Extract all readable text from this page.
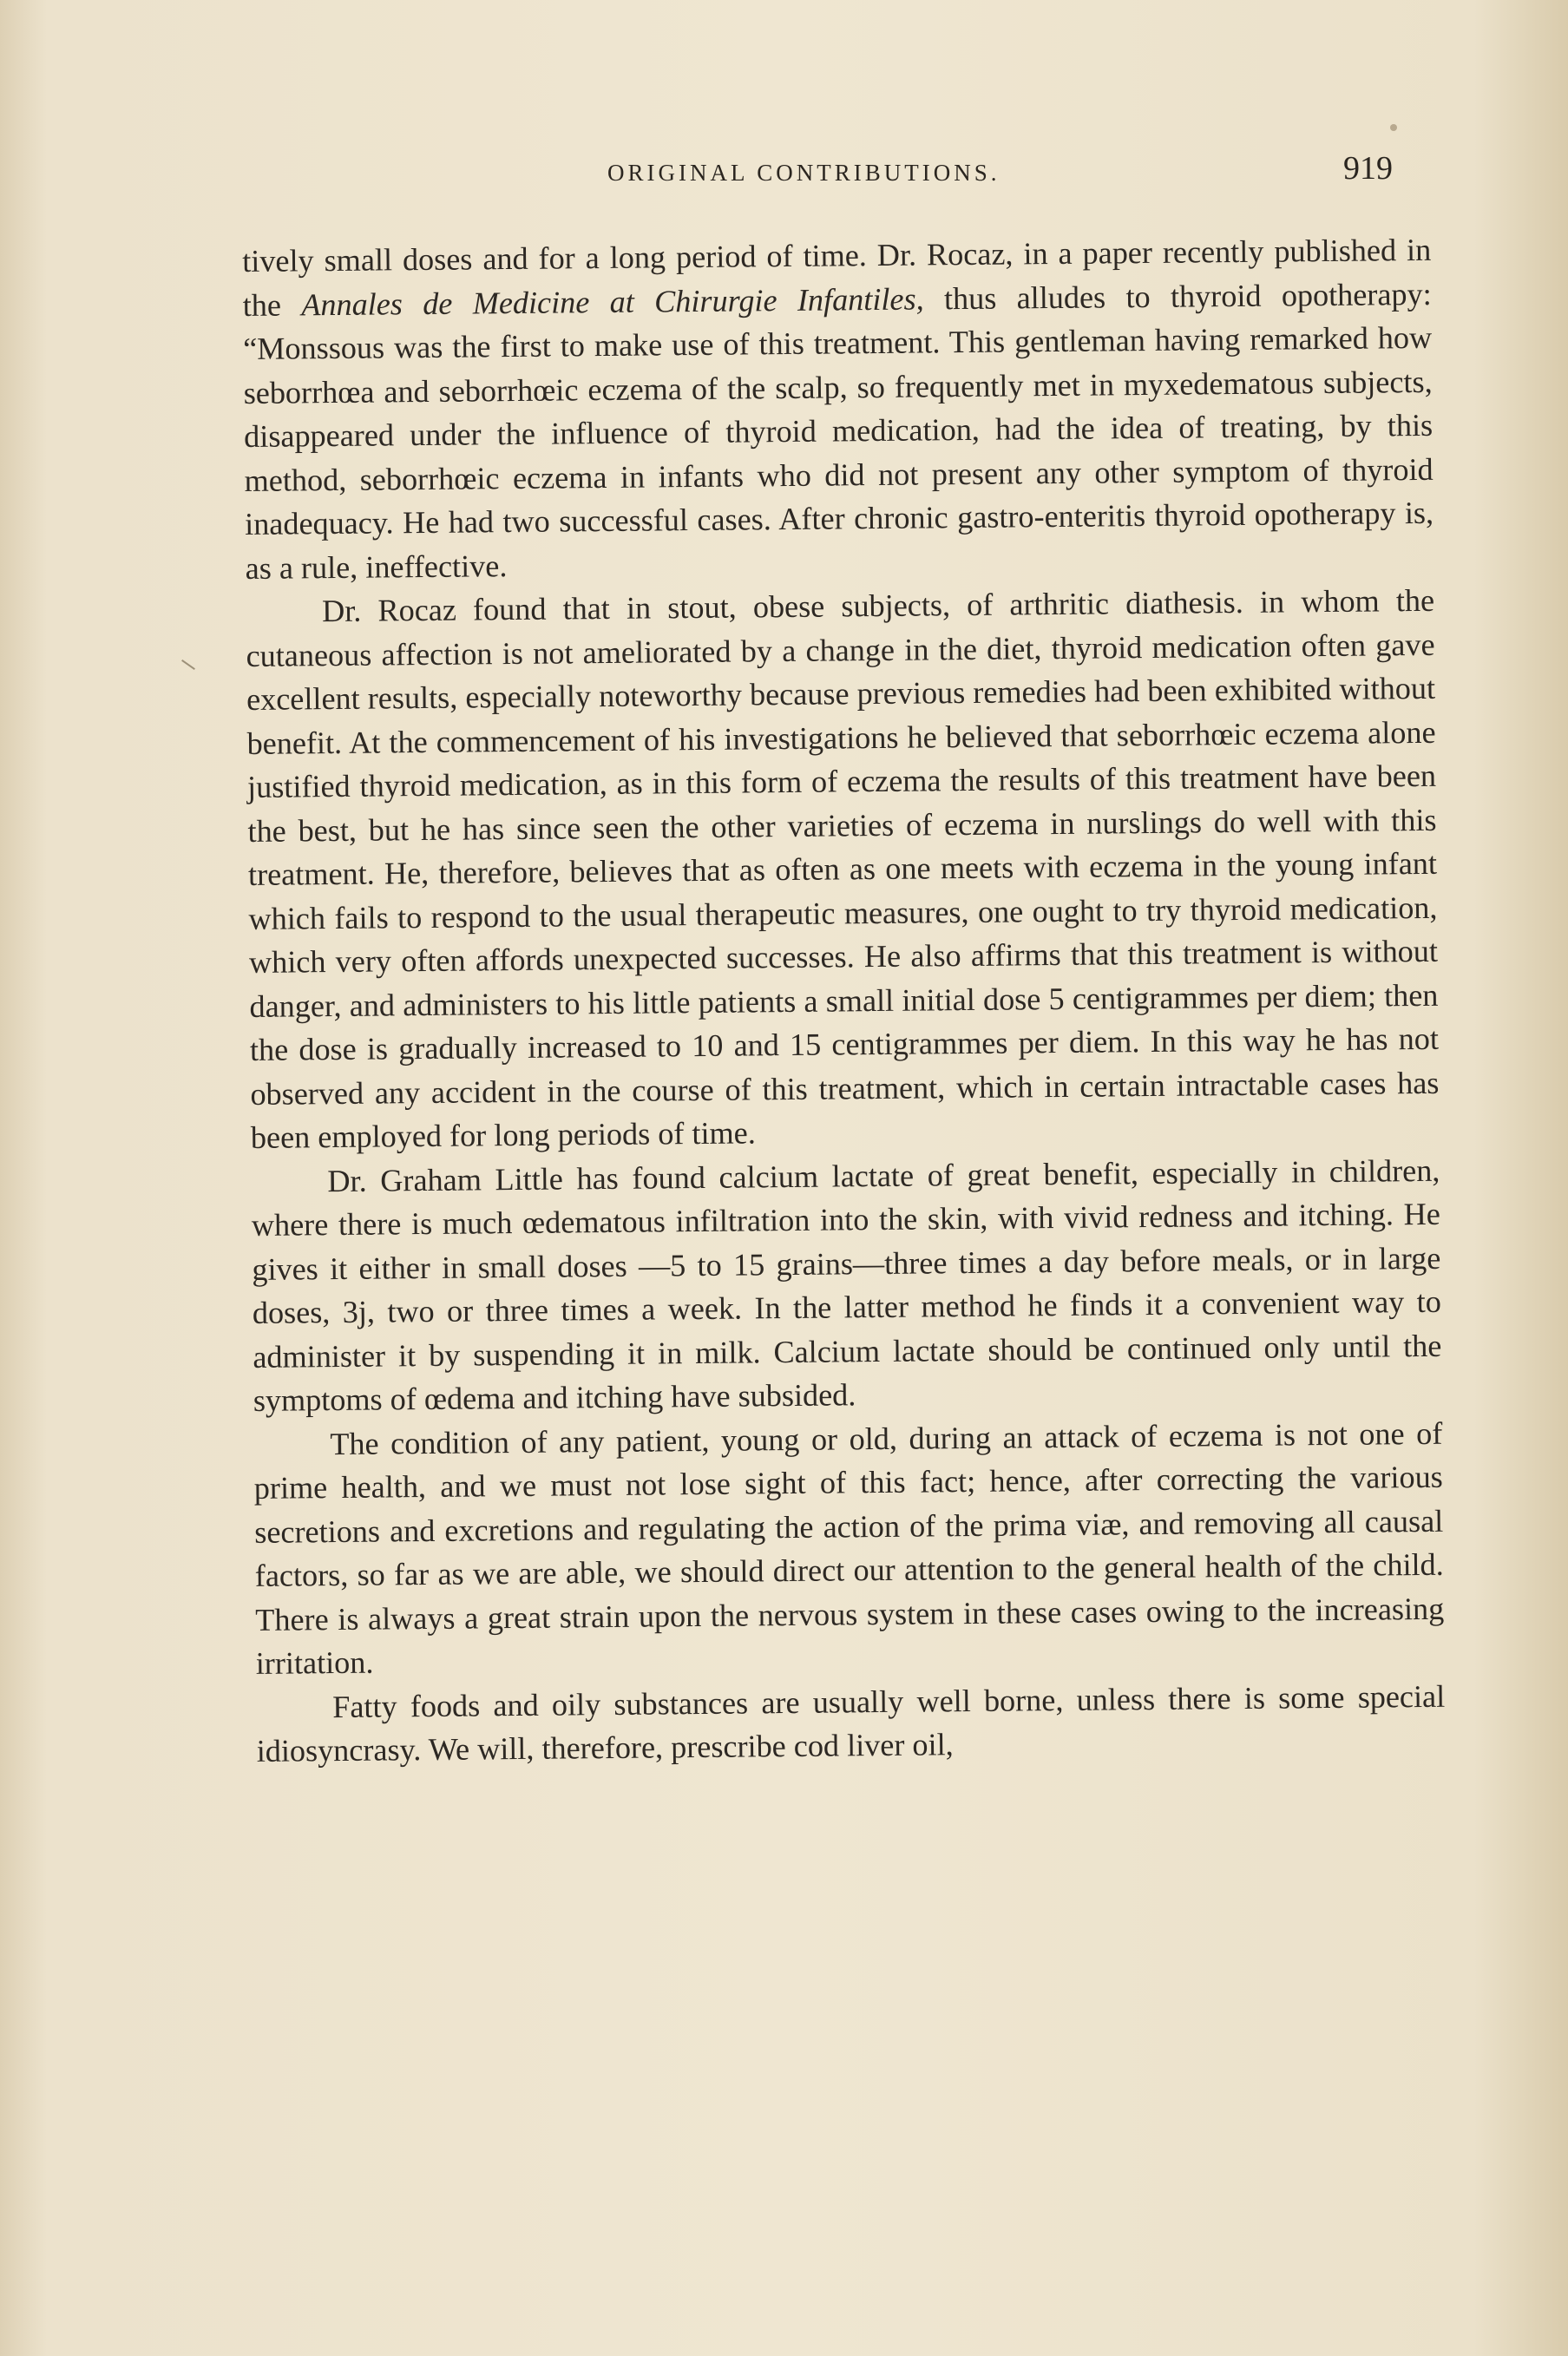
ORIGINAL CONTRIBUTIONS.	919

tively small doses and for a long period of time. Dr. Rocaz, in a paper recently published in the Annales de Medicine at Chirurgie Infantiles, thus alludes to thyroid opotherapy: “Monssous was the first to make use of this treatment. This gentleman having remarked how seborrhœa and seborrhœic eczema of the scalp, so frequently met in myxedematous subjects, disappeared under the influence of thyroid medication, had the idea of treating, by this method, seborrhœic eczema in infants who did not present any other symptom of thyroid inadequacy. He had two successful cases. After chronic gastro-enteritis thyroid opotherapy is, as a rule, ineffective.

Dr. Rocaz found that in stout, obese subjects, of arthritic diathesis. in whom the cutaneous affection is not ameliorated by a change in the diet, thyroid medication often gave excellent results, especially noteworthy because previous remedies had been exhibited without benefit. At the commencement of his investigations he believed that seborrhœic eczema alone justified thyroid medication, as in this form of eczema the results of this treatment have been the best, but he has since seen the other varieties of eczema in nurslings do well with this treatment. He, therefore, believes that as often as one meets with eczema in the young infant which fails to respond to the usual therapeutic measures, one ought to try thyroid medication, which very often affords unexpected successes. He also affirms that this treatment is without danger, and administers to his little patients a small initial dose 5 centigrammes per diem; then the dose is gradually increased to 10 and 15 centigrammes per diem. In this way he has not observed any accident in the course of this treatment, which in certain intractable cases has been employed for long periods of time.

Dr. Graham Little has found calcium lactate of great benefit, especially in children, where there is much œdematous infiltration into the skin, with vivid redness and itching. He gives it either in small doses —5 to 15 grains—three times a day before meals, or in large doses, 3j, two or three times a week. In the latter method he finds it a convenient way to administer it by suspending it in milk. Calcium lactate should be continued only until the symptoms of œdema and itching have subsided.

The condition of any patient, young or old, during an attack of eczema is not one of prime health, and we must not lose sight of this fact; hence, after correcting the various secretions and excretions and regulating the action of the prima viæ, and removing all causal factors, so far as we are able, we should direct our attention to the general health of the child. There is always a great strain upon the nervous system in these cases owing to the increasing irritation.

Fatty foods and oily substances are usually well borne, unless there is some special idiosyncrasy. We will, therefore, prescribe cod liver oil,
